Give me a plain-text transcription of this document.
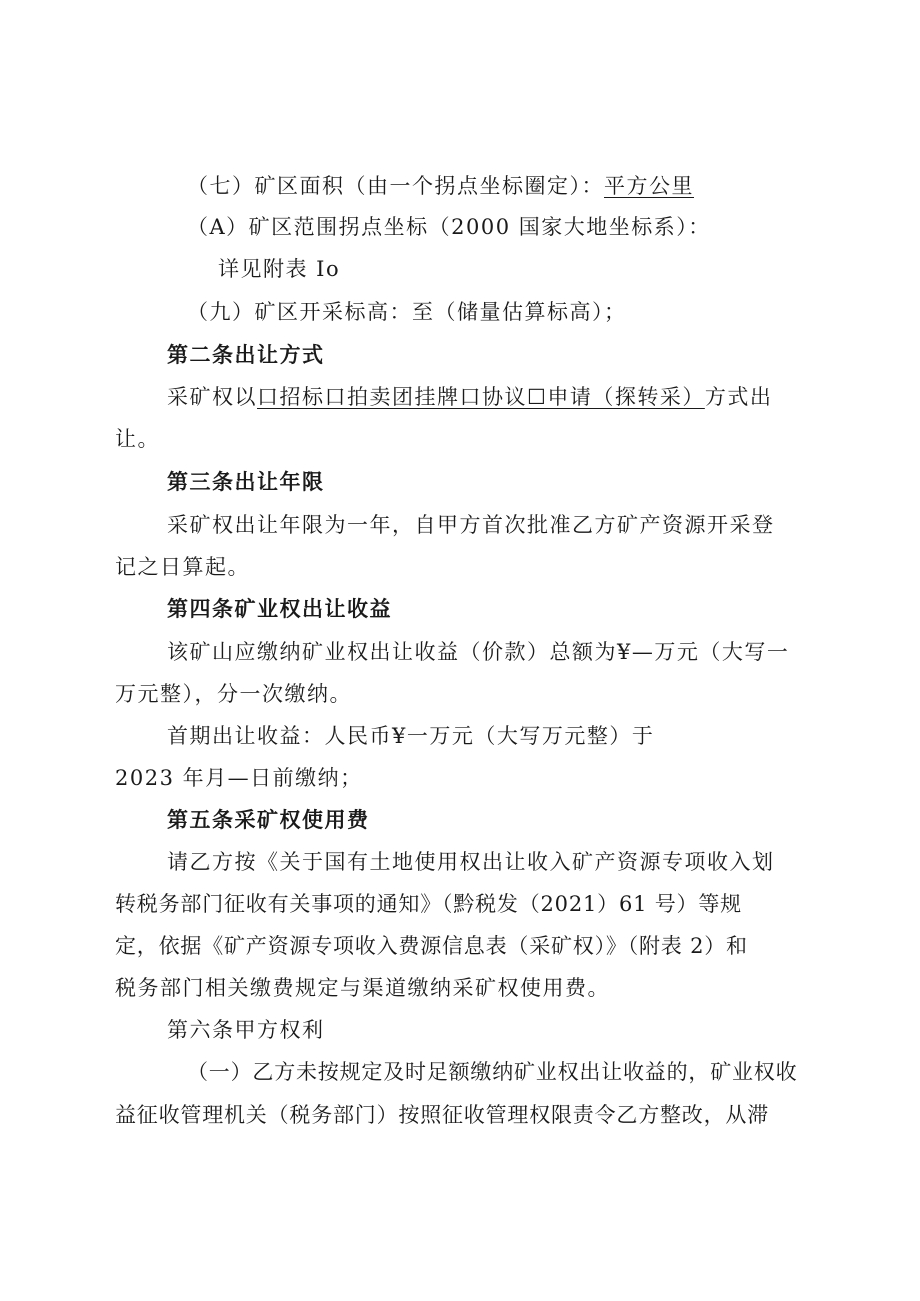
（七）矿区面积（由一个拐点坐标圈定）：平方公里
（A）矿区范围拐点坐标（2000 国家大地坐标系）：
详见附表 Io
（九）矿区开采标高：至（储量估算标高）；
第二条出让方式
采矿权以口招标口拍卖团挂牌口协议☐申请（探转采）方式出
让。
第三条出让年限
采矿权出让年限为一年，自甲方首次批准乙方矿产资源开采登
记之日算起。
第四条矿业权出让收益
该矿山应缴纳矿业权出让收益（价款）总额为¥—万元（大写一
万元整），分一次缴纳。
首期出让收益：人民币¥一万元（大写万元整）于
2023 年月—日前缴纳；
第五条采矿权使用费
请乙方按《关于国有土地使用权出让收入矿产资源专项收入划
转税务部门征收有关事项的通知》（黔税发（2021）61 号）等规
定，依据《矿产资源专项收入费源信息表（采矿权）》（附表 2）和
税务部门相关缴费规定与渠道缴纳采矿权使用费。
第六条甲方权利
（一）乙方未按规定及时足额缴纳矿业权出让收益的，矿业权收
益征收管理机关（税务部门）按照征收管理权限责令乙方整改，从滞
